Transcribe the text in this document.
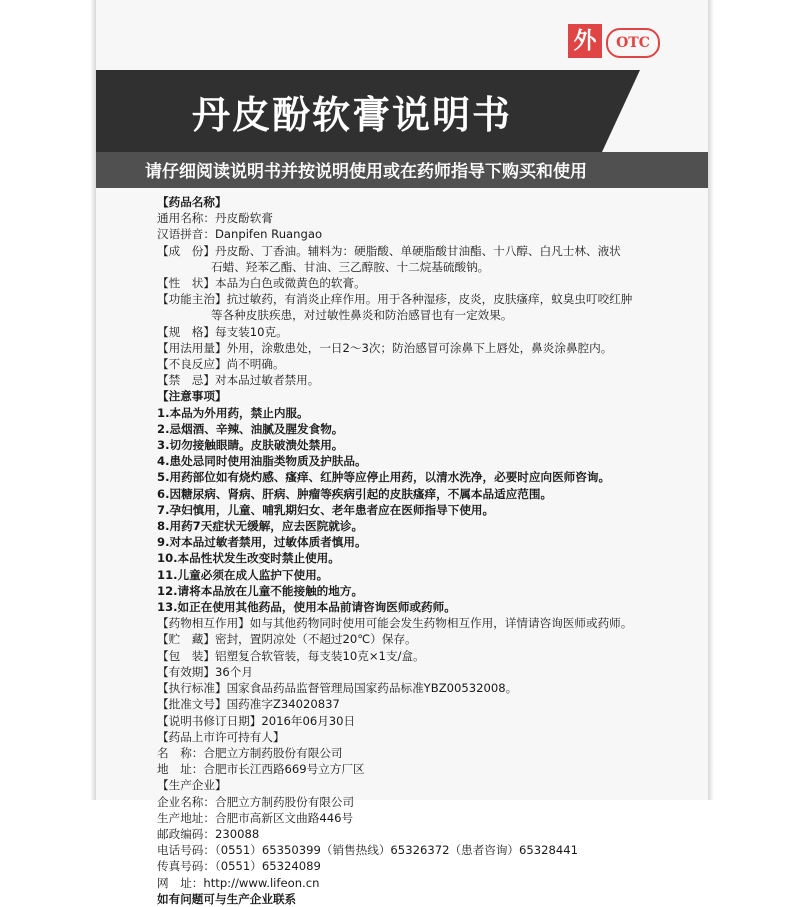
外	OTC
丹皮酚软膏说明书
请仔细阅读说明书并按说明使用或在药师指导下购买和使用
【药品名称】
通用名称：丹皮酚软膏
汉语拼音：Danpifen Ruangao
【成　份】丹皮酚、丁香油。辅料为：硬脂酸、单硬脂酸甘油酯、十八醇、白凡士林、液状
石蜡、羟苯乙酯、甘油、三乙醇胺、十二烷基硫酸钠。
【性　状】本品为白色或微黄色的软膏。
【功能主治】抗过敏药，有消炎止痒作用。用于各种湿疹，皮炎，皮肤瘙痒，蚊臭虫叮咬红肿
等各种皮肤疾患，对过敏性鼻炎和防治感冒也有一定效果。
【规　格】每支装10克。
【用法用量】外用，涂敷患处，一日2～3次；防治感冒可涂鼻下上唇处，鼻炎涂鼻腔内。
【不良反应】尚不明确。
【禁　忌】对本品过敏者禁用。
【注意事项】
1.本品为外用药，禁止内服。
2.忌烟酒、辛辣、油腻及腥发食物。
3.切勿接触眼睛。皮肤破溃处禁用。
4.患处忌同时使用油脂类物质及护肤品。
5.用药部位如有烧灼感、瘙痒、红肿等应停止用药，以清水洗净，必要时应向医师咨询。
6.因糖尿病、肾病、肝病、肿瘤等疾病引起的皮肤瘙痒，不属本品适应范围。
7.孕妇慎用，儿童、哺乳期妇女、老年患者应在医师指导下使用。
8.用药7天症状无缓解，应去医院就诊。
9.对本品过敏者禁用，过敏体质者慎用。
10.本品性状发生改变时禁止使用。
11.儿童必须在成人监护下使用。
12.请将本品放在儿童不能接触的地方。
13.如正在使用其他药品，使用本品前请咨询医师或药师。
【药物相互作用】如与其他药物同时使用可能会发生药物相互作用，详情请咨询医师或药师。
【贮　藏】密封，置阴凉处（不超过20℃）保存。
【包　装】铝塑复合软管装，每支装10克×1支/盒。
【有效期】36个月
【执行标准】国家食品药品监督管理局国家药品标准YBZ00532008。
【批准文号】国药准字Z34020837
【说明书修订日期】2016年06月30日
【药品上市许可持有人】
名　称：合肥立方制药股份有限公司
地　址：合肥市长江西路669号立方厂区
【生产企业】
企业名称：合肥立方制药股份有限公司
生产地址：合肥市高新区文曲路446号
邮政编码：230088
电话号码：（0551）65350399（销售热线）65326372（患者咨询）65328441
传真号码：（0551）65324089
网　址：http://www.lifeon.cn
如有问题可与生产企业联系
